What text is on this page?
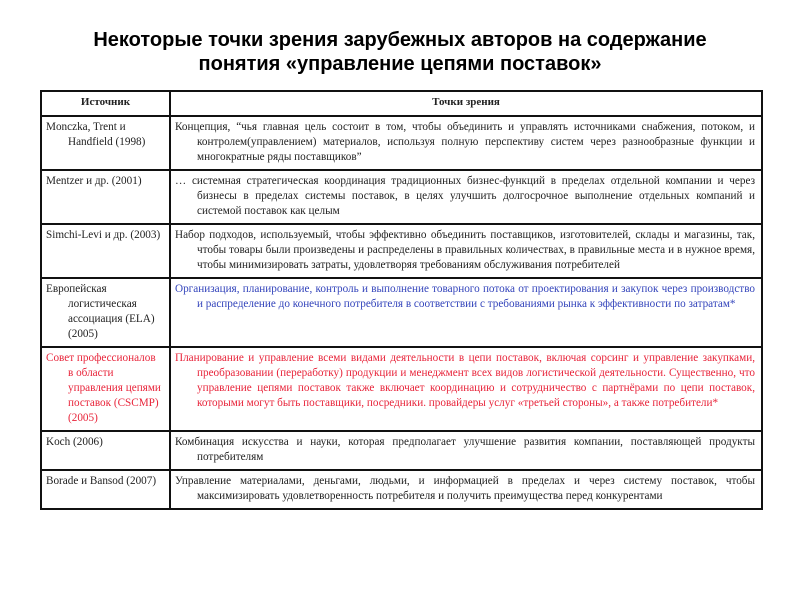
Некоторые точки зрения зарубежных авторов на содержание
понятия «управление цепями поставок»
Источник	Точки зрения
Monczka, Trent и Handfield (1998)	Концепция, “чья главная цель состоит в том, чтобы объединить и управлять источниками снабжения, потоком, и контролем(управлением) материалов, используя полную перспективу систем через разнообразные функции и многократные ряды поставщиков”
Mentzer и др. (2001)	… системная стратегическая координация традиционных бизнес-функций в пределах отдельной компании и через бизнесы в пределах системы поставок, в целях улучшить долгосрочное выполнение отдельных компаний и системой поставок как целым
Simchi-Levi и др. (2003)	Набор подходов, используемый, чтобы эффективно объединить поставщиков, изготовителей, склады и магазины, так, чтобы товары были произведены и распределены в правильных количествах, в правильные места и в нужное время, чтобы минимизировать затраты, удовлетворяя требованиям обслуживания потребителей
Европейская логистическая ассоциация (ELA) (2005)	Организация, планирование, контроль и выполнение товарного потока от проектирования и закупок через производство и распределение до конечного потребителя в соответствии с требованиями рынка к эффективности по затратам*
Совет профессионалов в области управления цепями поставок (CSCMP) (2005)	Планирование и управление всеми видами деятельности в цепи поставок, включая сорсинг и управление закупками, преобразовании (переработку) продукции и менеджмент всех видов логистической деятельности. Существенно, что управление цепями поставок также включает координацию и сотрудничество с партнёрами по цепи поставок, которыми могут быть поставщики, посредники. провайдеры услуг «третьей стороны», а также потребители*
Koch (2006)	Комбинация искусства и науки, которая предполагает улучшение развития компании, поставляющей продукты потребителям
Borade и Bansod (2007)	Управление материалами, деньгами, людьми, и информацией в пределах и через систему поставок, чтобы максимизировать удовлетворенность потребителя и получить преимущества перед конкурентами
